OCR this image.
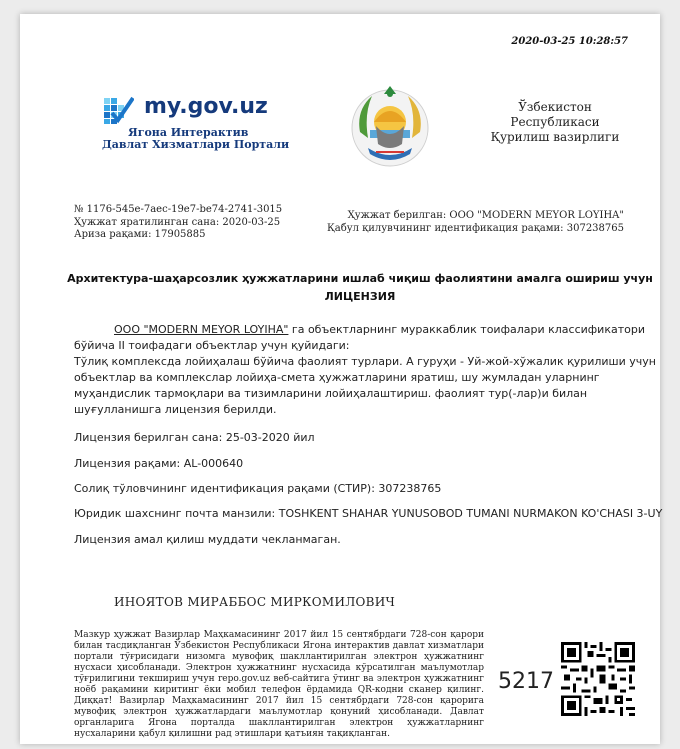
2020-03-25 10:28:57
my.gov.uz
Ягона Интерактив
Давлат Хизматлари Портали
Ўзбекистон
Республикаси
Қурилиш вазирлиги
№ 1176-545e-7aec-19e7-be74-2741-3015
Ҳужжат яратилинган сана: 2020-03-25
Ариза рақами: 17905885
Ҳужжат берилган: ООО "MODERN MEYOR LOYIHA"
Қабул қилувчининг идентификация рақами: 307238765
Архитектура-шаҳарсозлик ҳужжатларини ишлаб чиқиш фаолиятини амалга ошириш учун
ЛИЦЕНЗИЯ
ООО "MODERN MEYOR LOYIHA" га объектларнинг мураккаблик тоифалари классификатори
бўйича II тоифадаги объектлар учун қуйидаги:
Тўлиқ комплексда лойиҳалаш бўйича фаолият турлари. А гуруҳи - Уй-жой-хўжалик қурилиши учун
объектлар ва комплекслар лойиҳа-смета ҳужжатларини яратиш, шу жумладан уларнинг
муҳандислик тармоқлари ва тизимларини лойиҳалаштириш. фаолият тур(-лар)и билан
шуғулланишга лицензия берилди.
Лицензия берилган сана: 25-03-2020 йил
Лицензия рақами: AL-000640
Солиқ тўловчининг идентификация рақами (СТИР): 307238765
Юридик шахснинг почта манзили: TOSHKENT SHAHAR YUNUSOBOD TUMANI NURMAKON KO'CHASI 3-UY
Лицензия амал қилиш муддати чекланмаган.
ИНОЯТОВ МИРАББОС МИРКОМИЛОВИЧ
Мазкур ҳужжат Вазирлар Маҳкамасининг 2017 йил 15 сентябрдаги 728-сон қарори билан тасдиқланган Ўзбекистон Республикаси Ягона интерактив давлат хизматлари портали тўғрисидаги низомга мувофиқ шакллантирилган электрон ҳужжатнинг нусхаси ҳисобланади. Электрон ҳужжатнинг нусхасида кўрсатилган маълумотлар тўғрилигини текшириш учун repo.gov.uz веб-сайтига ўтинг ва электрон ҳужжатнинг ноёб рақамини киритинг ёки мобил телефон ёрдамида QR-кодни сканер қилинг. Диққат! Вазирлар Маҳкамасининг 2017 йил 15 сентябрдаги 728-сон қарорига мувофиқ электрон ҳужжатлардаги маълумотлар қонуний ҳисобланади. Давлат органларига Ягона порталда шакллантирилган электрон ҳужжатларнинг нусхаларини қабул қилишни рад этишлари қатъиян тақиқланган.
5217
